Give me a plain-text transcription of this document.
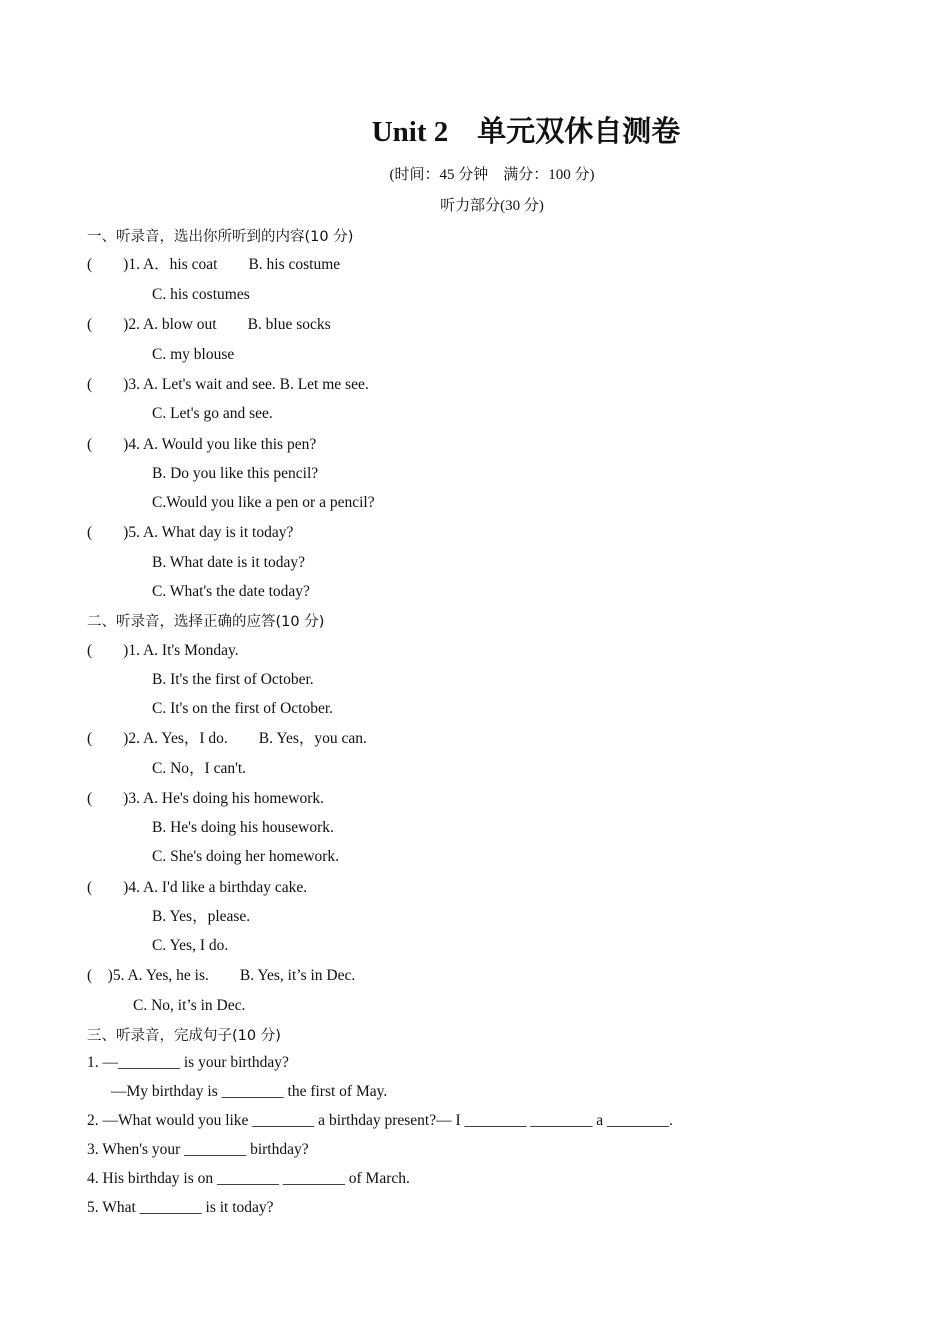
Unit 2　单元双休自测卷
(时间：45 分钟　满分：100 分)
听力部分(30 分)
一、听录音，选出你所听到的内容(10 分)
(　　)1. A．his coat　　B. his costume
C. his costumes
(　　)2. A. blow out　　B. blue socks
C. my blouse
(　　)3. A. Let's wait and see. B. Let me see.
C. Let's go and see.
(　　)4. A. Would you like this pen?
B. Do you like this pencil?
C.Would you like a pen or a pencil?
(　　)5. A. What day is it today?
B. What date is it today?
C. What's the date today?
二、听录音，选择正确的应答(10 分)
(　　)1. A. It's Monday.
B. It's the first of October.
C. It's on the first of October.
(　　)2. A. Yes，I do.　　B. Yes，you can.
C. No，I can't.
(　　)3. A. He's doing his homework.
B. He's doing his housework.
C. She's doing her homework.
(　　)4. A. I'd like a birthday cake.
B. Yes，please.
C. Yes, I do.
(　)5. A. Yes, he is.　　B. Yes, it’s in Dec.
C. No, it’s in Dec.
三、听录音，完成句子(10 分)
1. —________ is your birthday?
—My birthday is ________ the first of May.
2. —What would you like ________ a birthday present?— I ________ ________ a ________.
3. When's your ________ birthday?
4. His birthday is on ________ ________ of March.
5. What ________ is it today?
